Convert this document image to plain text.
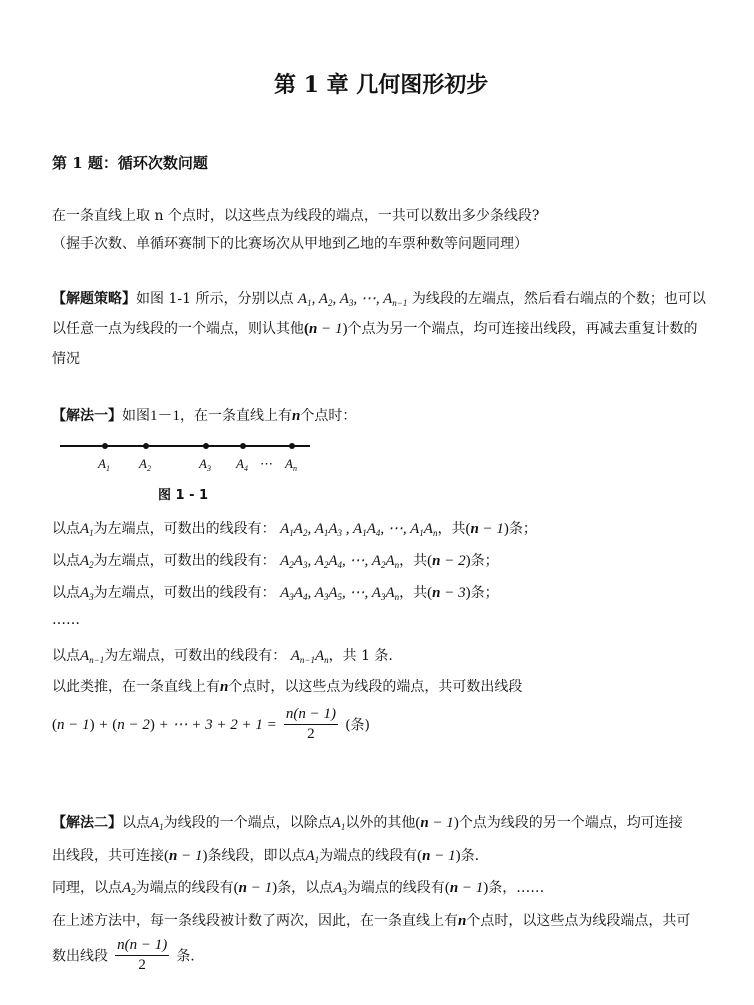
第 1 章 几何图形初步
第 1 题：循环次数问题
在一条直线上取 n 个点时，以这些点为线段的端点，一共可以数出多少条线段?
（握手次数、单循环赛制下的比赛场次从甲地到乙地的车票种数等问题同理）
【解题策略】如图 1-1 所示，分别以点 $A_1$, $A_2$, $A_3$, ⋯, $A_{n-1}$ 为线段的左端点，然后看右端点的个数；也可以
以任意一点为线段的一个端点，则认其他(n − 1)个点为另一个端点，均可连接出线段，再减去重复计数的
情况
【解法一】如图1－1，在一条直线上有n个点时：
$A_1$ $A_2$	$A_3$ $A_4$ ⋯ $A_n$
图 1 - 1
以点$A_1$为左端点，可数出的线段有： $A_1A_2$, $A_1A_3$ , $A_1A_4$, ⋯, $A_1A_n$，共(n − 1)条；
以点$A_2$为左端点，可数出的线段有： $A_2A_3$, $A_2A_4$, ⋯, $A_2A_n$，共(n − 2)条；
以点$A_3$为左端点，可数出的线段有： $A_3A_4$, $A_3A_5$, ⋯, $A_3A_n$，共(n − 3)条；
……
以点$A_{n-1}$为左端点，可数出的线段有： $A_{n-1}A_n$，共 1 条.
以此类推，在一条直线上有n个点时，以这些点为线段的端点，共可数出线段
(n − 1) + (n − 2) + ⋯ + $3 + 2 + 1 = \frac{n(n - 1)}{2}$ (条)
【解法二】以点$A_1$为线段的一个端点，以除点$A_1$以外的其他(n − 1)个点为线段的另一个端点，均可连接
出线段，共可连接(n − 1)条线段，即以点$A_1$为端点的线段有(n − 1)条.
同理，以点$A_2$为端点的线段有(n − 1)条，以点$A_3$为端点的线段有(n − 1)条，……
在上述方法中，每一条线段被计数了两次，因此，在一条直线上有n个点时，以这些点为线段端点，共可
数出线段 $\frac{n(n - 1)}{2}$ 条.
